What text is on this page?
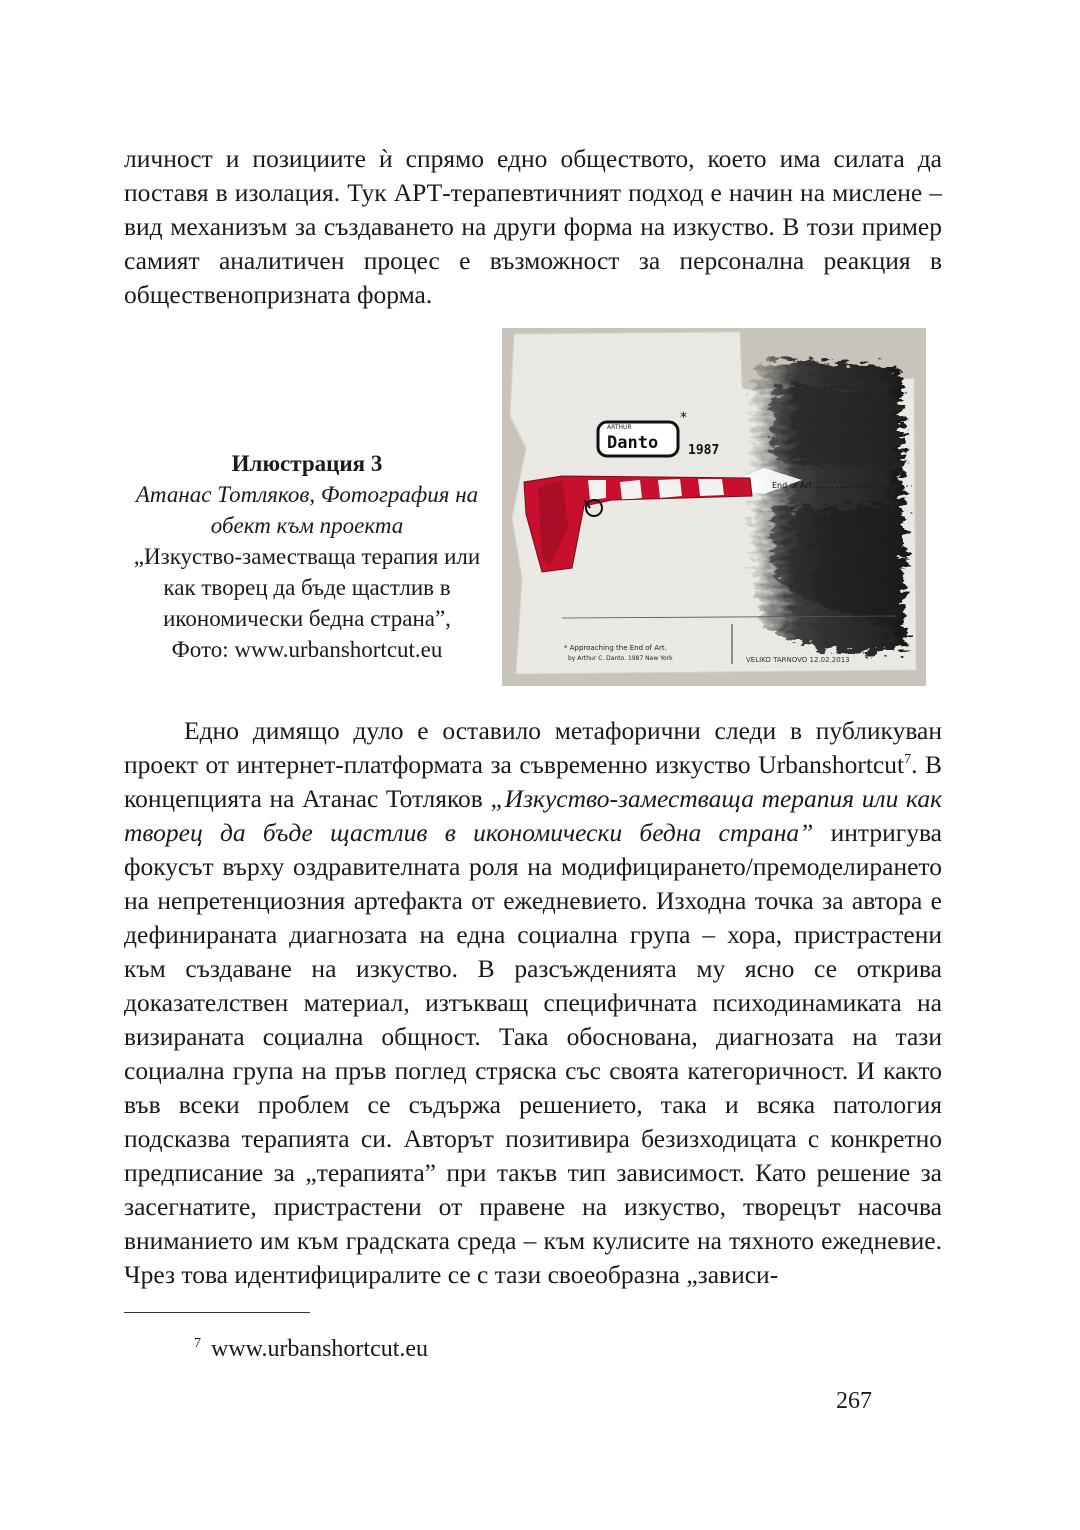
личност и позициите ѝ спрямо едно обществото, което има силата да поставя в изолация. Тук АРТ-терапевтичният подход е начин на мислене – вид механизъм за създаването на други форма на изкуство. В този пример самият аналитичен процес е възможност за персонална реакция в общественопризната форма.

Илюстрация 3
Атанас Тотляков, Фотография на обект към проекта
„Изкуство-заместваща терапия или как творец да бъде щастлив в икономически бедна страна”,
Фото: www.urbanshortcut.eu
ARTHUR
Danto
*
1987
End of Art
* Approaching the End of Art.
by Arthur C. Danto. 1987 New York	VELIKO TARNOVO 12.02.2013

Едно димящо дуло е оставило метафорични следи в публикуван проект от интернет-платформата за съвременно изкуство Urbanshortcut$^7$. В концепцията на Атанас Тотляков „Изкуство-заместваща терапия или как творец да бъде щастлив в икономически бедна страна” интригува фокусът върху оздравителната роля на модифицирането/премоделирането на непретенциозния артефакта от ежедневието. Изходна точка за автора е дефинираната диагнозата на една социална група – хора, пристрастени към създаване на изкуство. В разсъжденията му ясно се открива доказателствен материал, изтъкващ специфичната психодинамиката на визираната социална общност. Така обоснована, диагнозата на тази социална група на пръв поглед стряска със своята категоричност. И както във всеки проблем се съдържа решението, така и всяка патология подсказва терапията си. Авторът позитивира безизходицата с конкретно предписание за „терапията” при такъв тип зависимост. Като решение за засегнатите, пристрастени от правене на изкуство, творецът насочва вниманието им към градската среда – към кулисите на тяхното ежедневие. Чрез това идентифициралите се с тази своеобразна „зависи-

$^7$ www.urbanshortcut.eu
267
